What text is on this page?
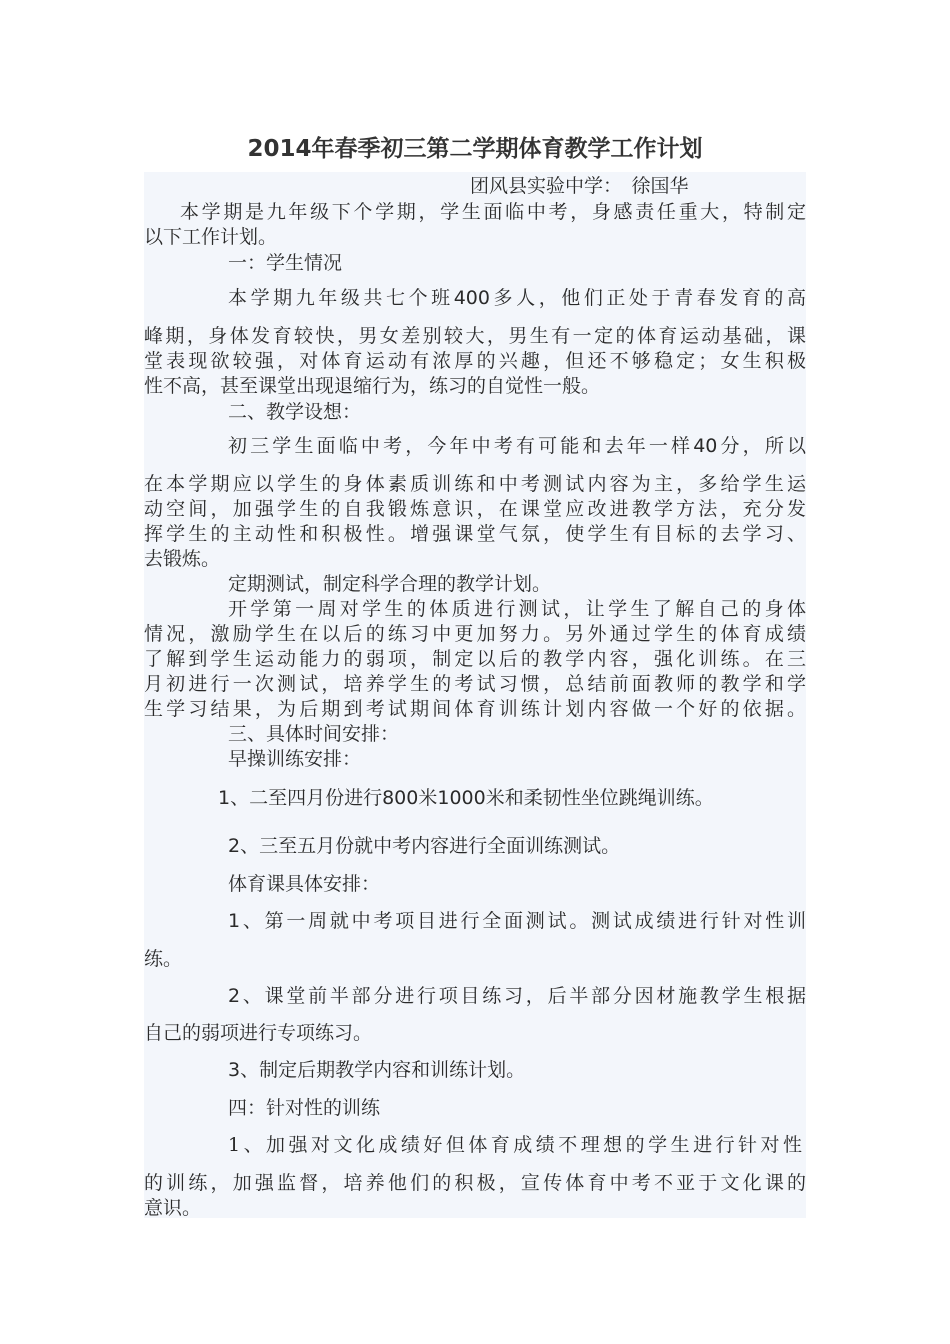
2014年春季初三第二学期体育教学工作计划
团风县实验中学：　徐国华
本学期是九年级下个学期，学生面临中考，身感责任重大，特制定
以下工作计划。
一：学生情况
本学期九年级共七个班400多人，他们正处于青春发育的高
峰期，身体发育较快，男女差别较大，男生有一定的体育运动基础，课
堂表现欲较强，对体育运动有浓厚的兴趣，但还不够稳定；女生积极
性不高，甚至课堂出现退缩行为，练习的自觉性一般。
二、教学设想：
初三学生面临中考，今年中考有可能和去年一样40分，所以
在本学期应以学生的身体素质训练和中考测试内容为主，多给学生运
动空间，加强学生的自我锻炼意识，在课堂应改进教学方法，充分发
挥学生的主动性和积极性。增强课堂气氛，使学生有目标的去学习、
去锻炼。
定期测试，制定科学合理的教学计划。
开学第一周对学生的体质进行测试，让学生了解自己的身体
情况，激励学生在以后的练习中更加努力。另外通过学生的体育成绩
了解到学生运动能力的弱项，制定以后的教学内容，强化训练。在三
月初进行一次测试，培养学生的考试习惯，总结前面教师的教学和学
生学习结果，为后期到考试期间体育训练计划内容做一个好的依据。
三、具体时间安排：
早操训练安排：
1、二至四月份进行800米1000米和柔韧性坐位跳绳训练。
2、三至五月份就中考内容进行全面训练测试。
体育课具体安排：
1、第一周就中考项目进行全面测试。测试成绩进行针对性训
练。
2、课堂前半部分进行项目练习，后半部分因材施教学生根据
自己的弱项进行专项练习。
3、制定后期教学内容和训练计划。
四：针对性的训练
1、加强对文化成绩好但体育成绩不理想的学生进行针对性
的训练，加强监督，培养他们的积极，宣传体育中考不亚于文化课的
意识。
